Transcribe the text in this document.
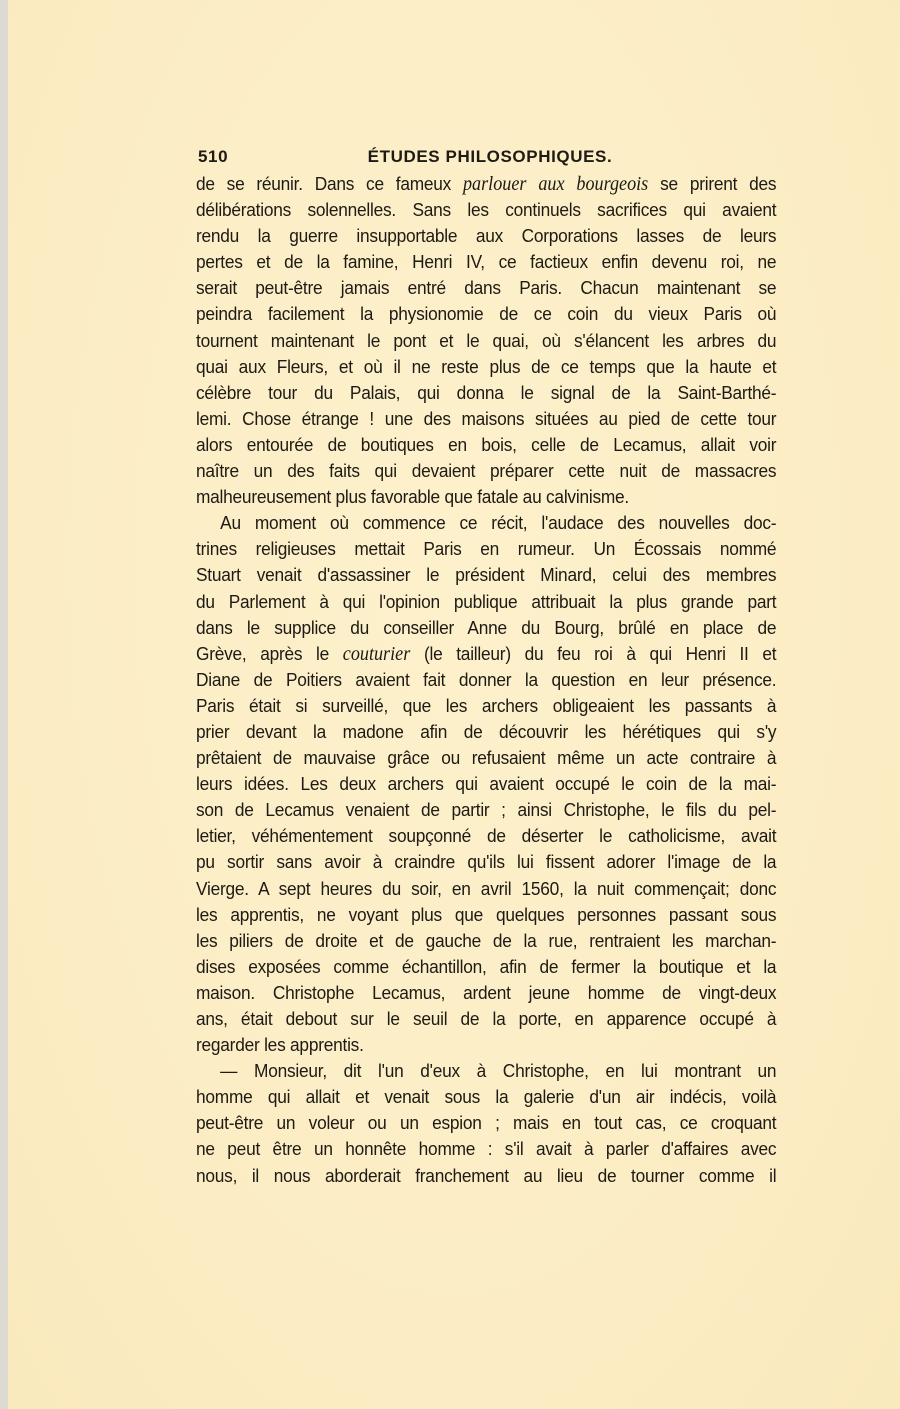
510	ÉTUDES PHILOSOPHIQUES.
de se réunir. Dans ce fameux parlouer aux bourgeois se prirent des
délibérations solennelles. Sans les continuels sacrifices qui avaient
rendu la guerre insupportable aux Corporations lasses de leurs
pertes et de la famine, Henri IV, ce factieux enfin devenu roi, ne
serait peut-être jamais entré dans Paris. Chacun maintenant se
peindra facilement la physionomie de ce coin du vieux Paris où
tournent maintenant le pont et le quai, où s'élancent les arbres du
quai aux Fleurs, et où il ne reste plus de ce temps que la haute et
célèbre tour du Palais, qui donna le signal de la Saint-Barthé-
lemi. Chose étrange ! une des maisons situées au pied de cette tour
alors entourée de boutiques en bois, celle de Lecamus, allait voir
naître un des faits qui devaient préparer cette nuit de massacres
malheureusement plus favorable que fatale au calvinisme.
Au moment où commence ce récit, l'audace des nouvelles doc-
trines religieuses mettait Paris en rumeur. Un Écossais nommé
Stuart venait d'assassiner le président Minard, celui des membres
du Parlement à qui l'opinion publique attribuait la plus grande part
dans le supplice du conseiller Anne du Bourg, brûlé en place de
Grève, après le couturier (le tailleur) du feu roi à qui Henri II et
Diane de Poitiers avaient fait donner la question en leur présence.
Paris était si surveillé, que les archers obligeaient les passants à
prier devant la madone afin de découvrir les hérétiques qui s'y
prêtaient de mauvaise grâce ou refusaient même un acte contraire à
leurs idées. Les deux archers qui avaient occupé le coin de la mai-
son de Lecamus venaient de partir ; ainsi Christophe, le fils du pel-
letier, véhémentement soupçonné de déserter le catholicisme, avait
pu sortir sans avoir à craindre qu'ils lui fissent adorer l'image de la
Vierge. A sept heures du soir, en avril 1560, la nuit commençait; donc
les apprentis, ne voyant plus que quelques personnes passant sous
les piliers de droite et de gauche de la rue, rentraient les marchan-
dises exposées comme échantillon, afin de fermer la boutique et la
maison. Christophe Lecamus, ardent jeune homme de vingt-deux
ans, était debout sur le seuil de la porte, en apparence occupé à
regarder les apprentis.
— Monsieur, dit l'un d'eux à Christophe, en lui montrant un
homme qui allait et venait sous la galerie d'un air indécis, voilà
peut-être un voleur ou un espion ; mais en tout cas, ce croquant
ne peut être un honnête homme : s'il avait à parler d'affaires avec
nous, il nous aborderait franchement au lieu de tourner comme il
